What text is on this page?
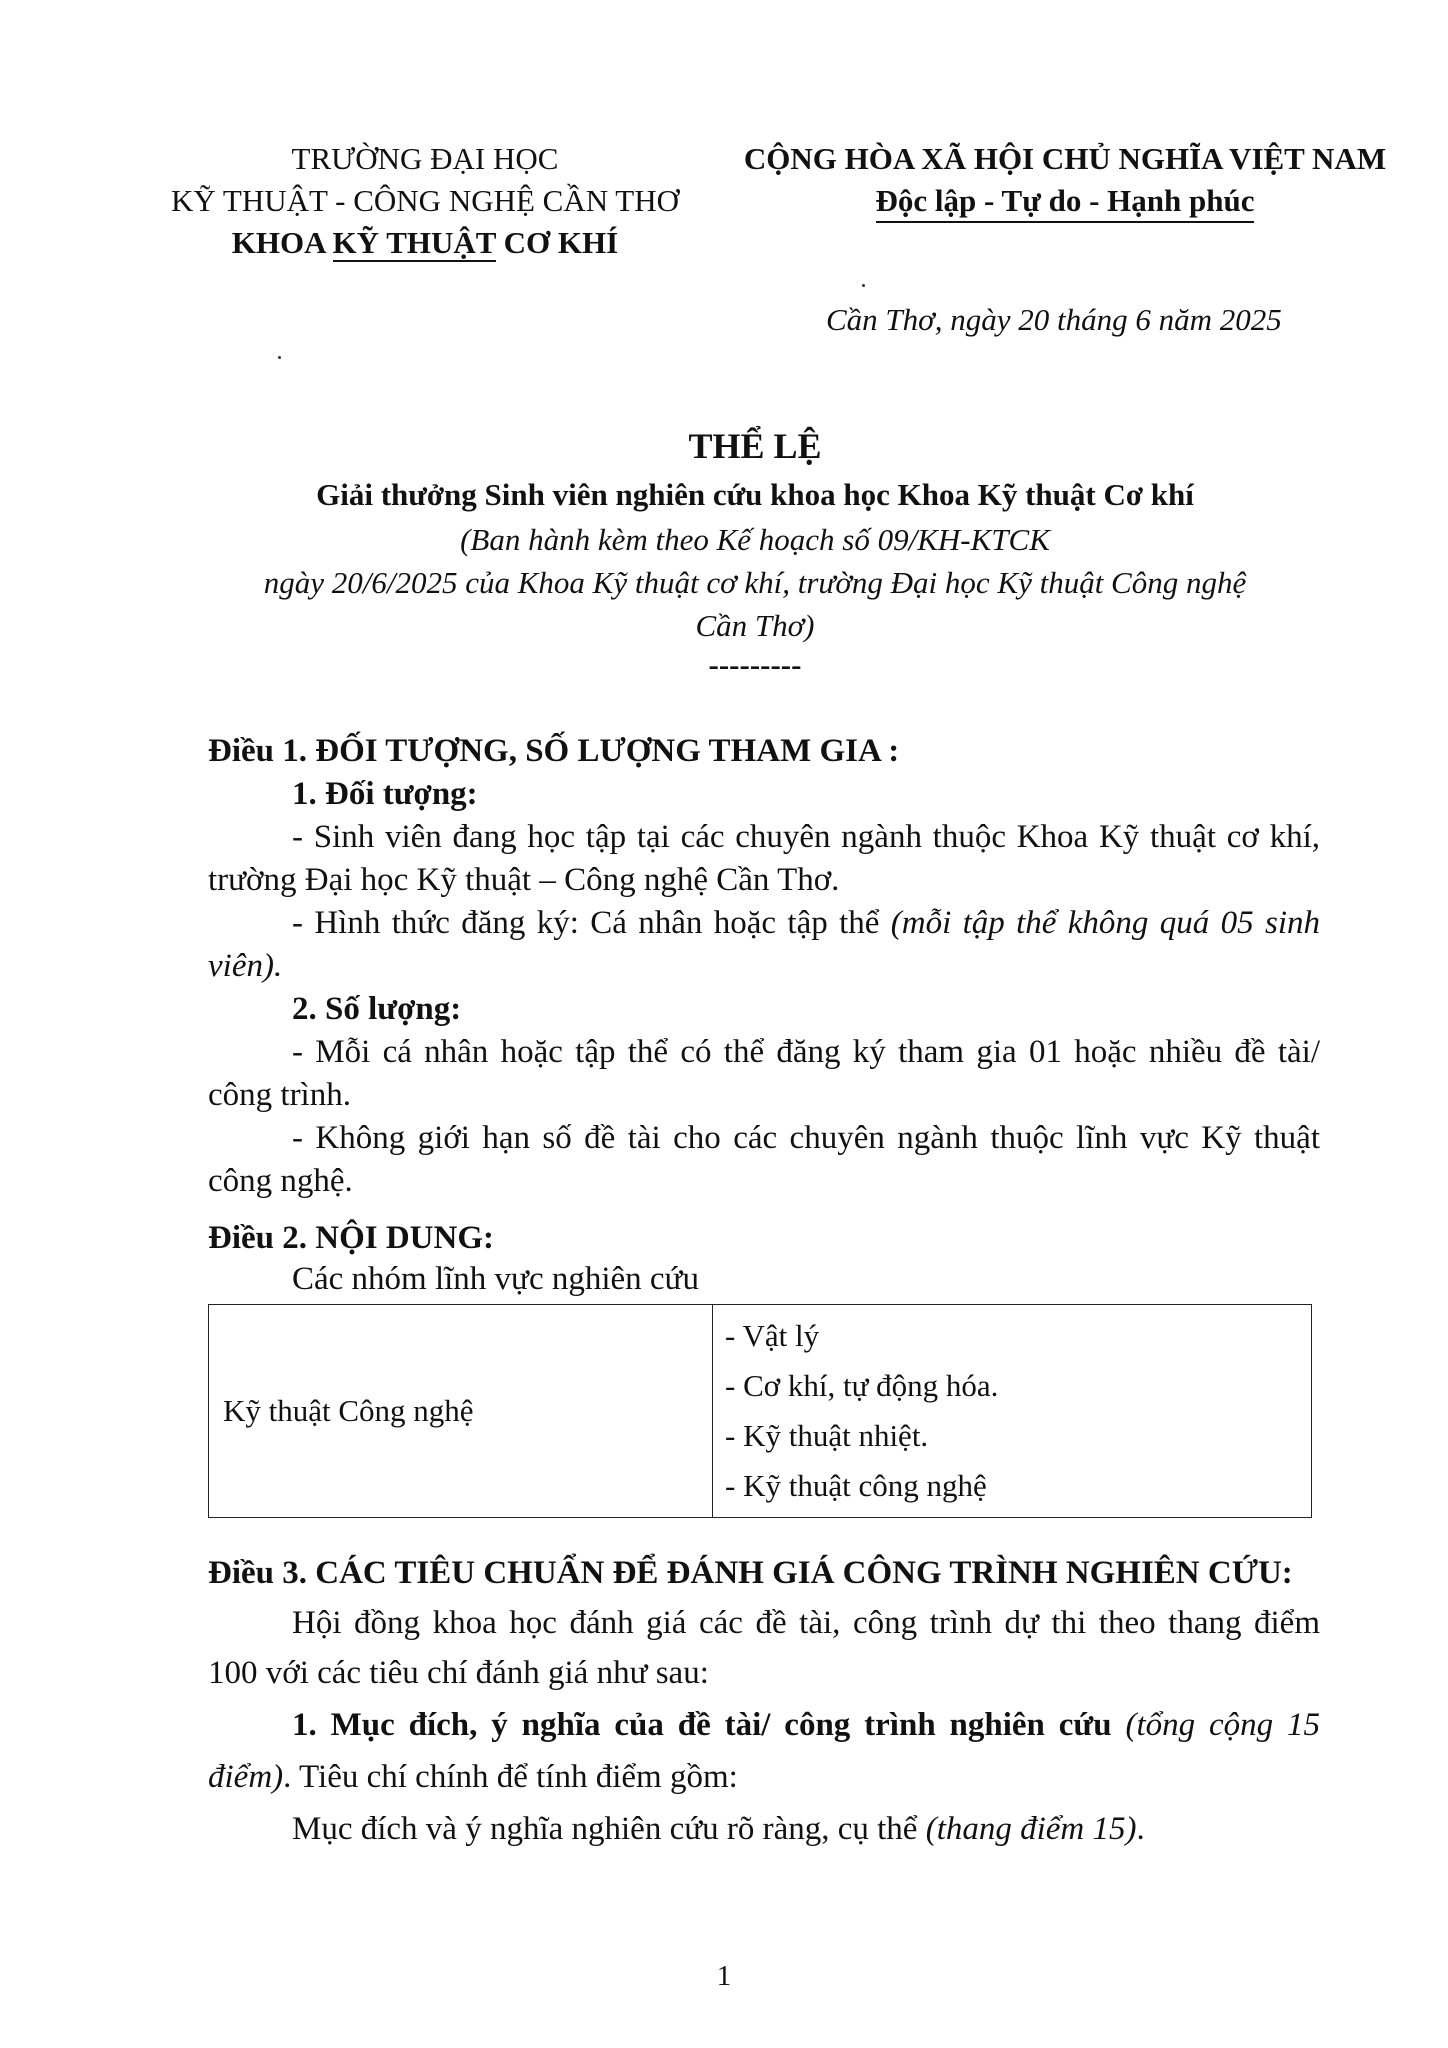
TRƯỜNG ĐẠI HỌC
KỸ THUẬT - CÔNG NGHỆ CẦN THƠ
KHOA KỸ THUẬT CƠ KHÍ
CỘNG HÒA XÃ HỘI CHỦ NGHĨA VIỆT NAM
Độc lập - Tự do - Hạnh phúc
Cần Thơ, ngày 20 tháng 6 năm 2025
THỂ LỆ
Giải thưởng Sinh viên nghiên cứu khoa học Khoa Kỹ thuật Cơ khí
(Ban hành kèm theo Kế hoạch số 09/KH-KTCK
ngày 20/6/2025 của Khoa Kỹ thuật cơ khí, trường Đại học Kỹ thuật Công nghệ
Cần Thơ)
---------

Điều 1. ĐỐI TƯỢNG, SỐ LƯỢNG THAM GIA :

1. Đối tượng:

- Sinh viên đang học tập tại các chuyên ngành thuộc Khoa Kỹ thuật cơ khí,

trường Đại học Kỹ thuật – Công nghệ Cần Thơ.

- Hình thức đăng ký: Cá nhân hoặc tập thể (mỗi tập thể không quá 05 sinh

viên).

2. Số lượng:

- Mỗi cá nhân hoặc tập thể có thể đăng ký tham gia 01 hoặc nhiều đề tài/

công trình.

- Không giới hạn số đề tài cho các chuyên ngành thuộc lĩnh vực Kỹ thuật

công nghệ.

Điều 2. NỘI DUNG:

Các nhóm lĩnh vực nghiên cứu

Kỹ thuật Công nghệ	
- Vật lý
- Cơ khí, tự động hóa.
- Kỹ thuật nhiệt.
- Kỹ thuật công nghệ

Điều 3. CÁC TIÊU CHUẨN ĐỂ ĐÁNH GIÁ CÔNG TRÌNH NGHIÊN CỨU:

Hội đồng khoa học đánh giá các đề tài, công trình dự thi theo thang điểm

100 với các tiêu chí đánh giá như sau:

1. Mục đích, ý nghĩa của đề tài/ công trình nghiên cứu (tổng cộng 15

điểm). Tiêu chí chính để tính điểm gồm:

Mục đích và ý nghĩa nghiên cứu rõ ràng, cụ thể (thang điểm 15).

1
